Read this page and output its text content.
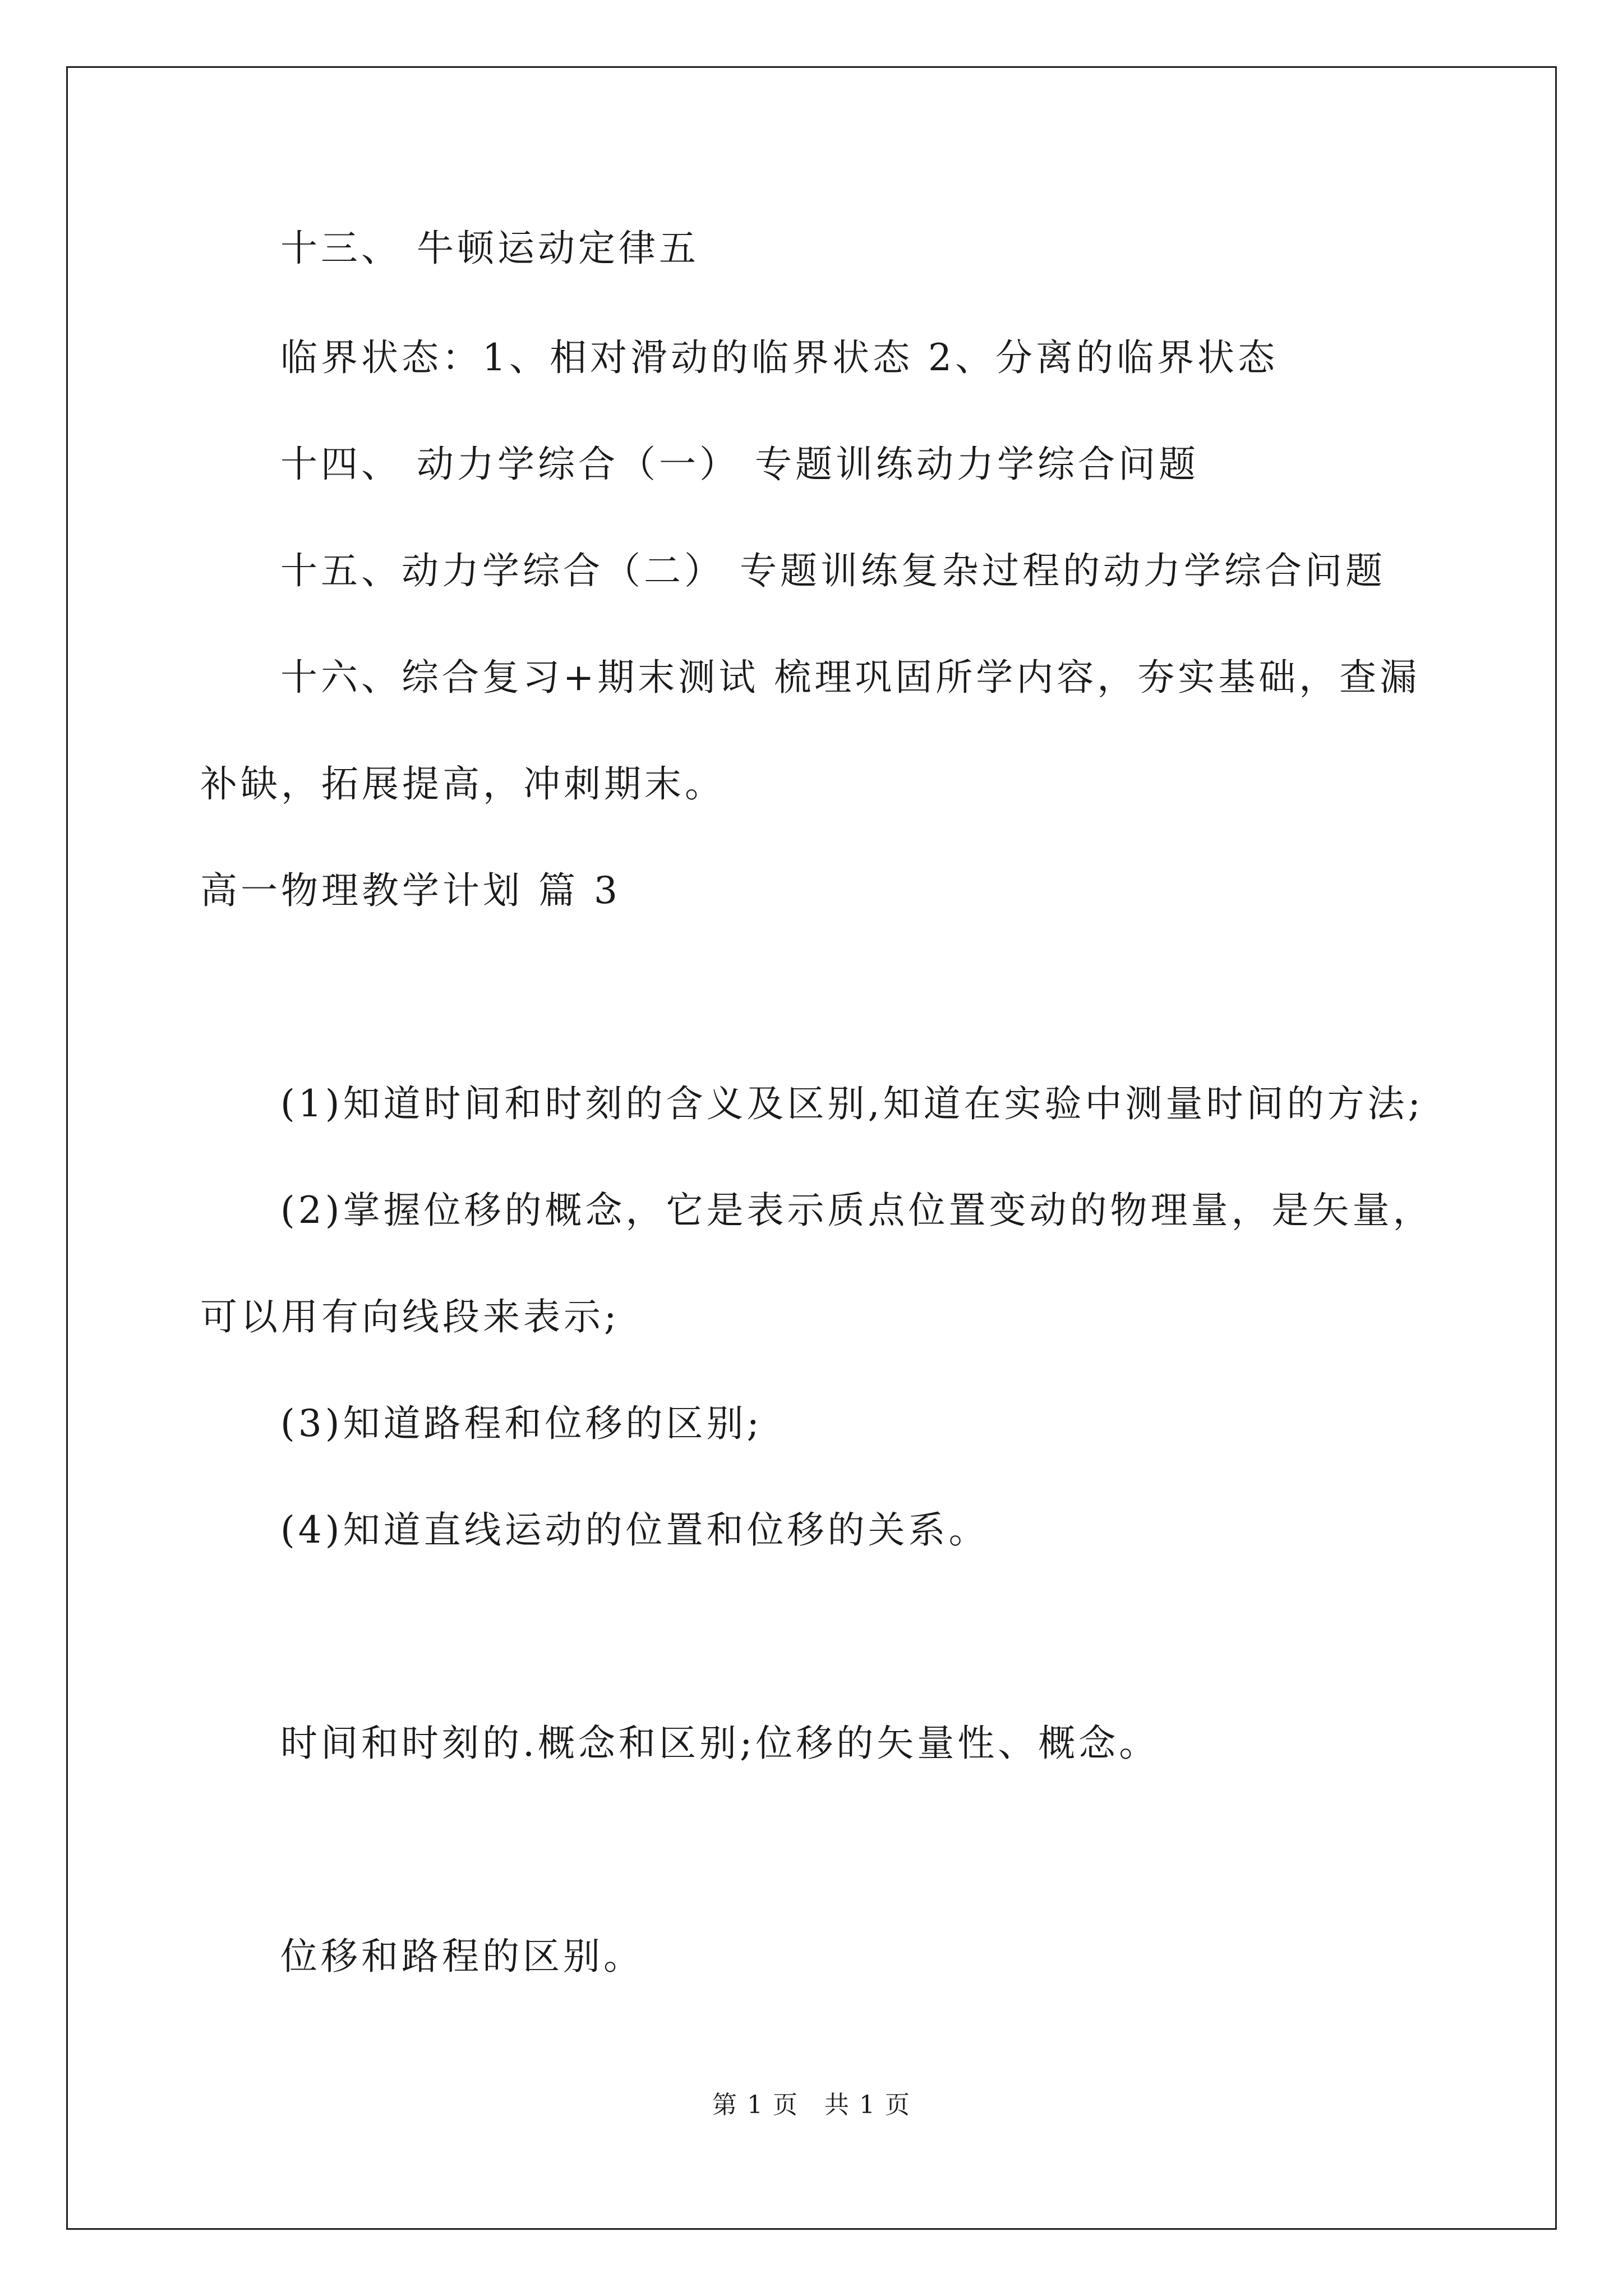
十三、 牛顿运动定律五
临界状态：1、相对滑动的临界状态 2、分离的临界状态
十四、 动力学综合（一） 专题训练动力学综合问题
十五、动力学综合（二） 专题训练复杂过程的动力学综合问题
十六、综合复习+期末测试 梳理巩固所学内容，夯实基础，查漏
补缺，拓展提高，冲刺期末。
高一物理教学计划 篇 3
(1)知道时间和时刻的含义及区别,知道在实验中测量时间的方法;
(2)掌握位移的概念，它是表示质点位置变动的物理量，是矢量，
可以用有向线段来表示;
(3)知道路程和位移的区别;
(4)知道直线运动的位置和位移的关系。
时间和时刻的.概念和区别;位移的矢量性、概念。
位移和路程的区别。
第 1 页　共 1 页
